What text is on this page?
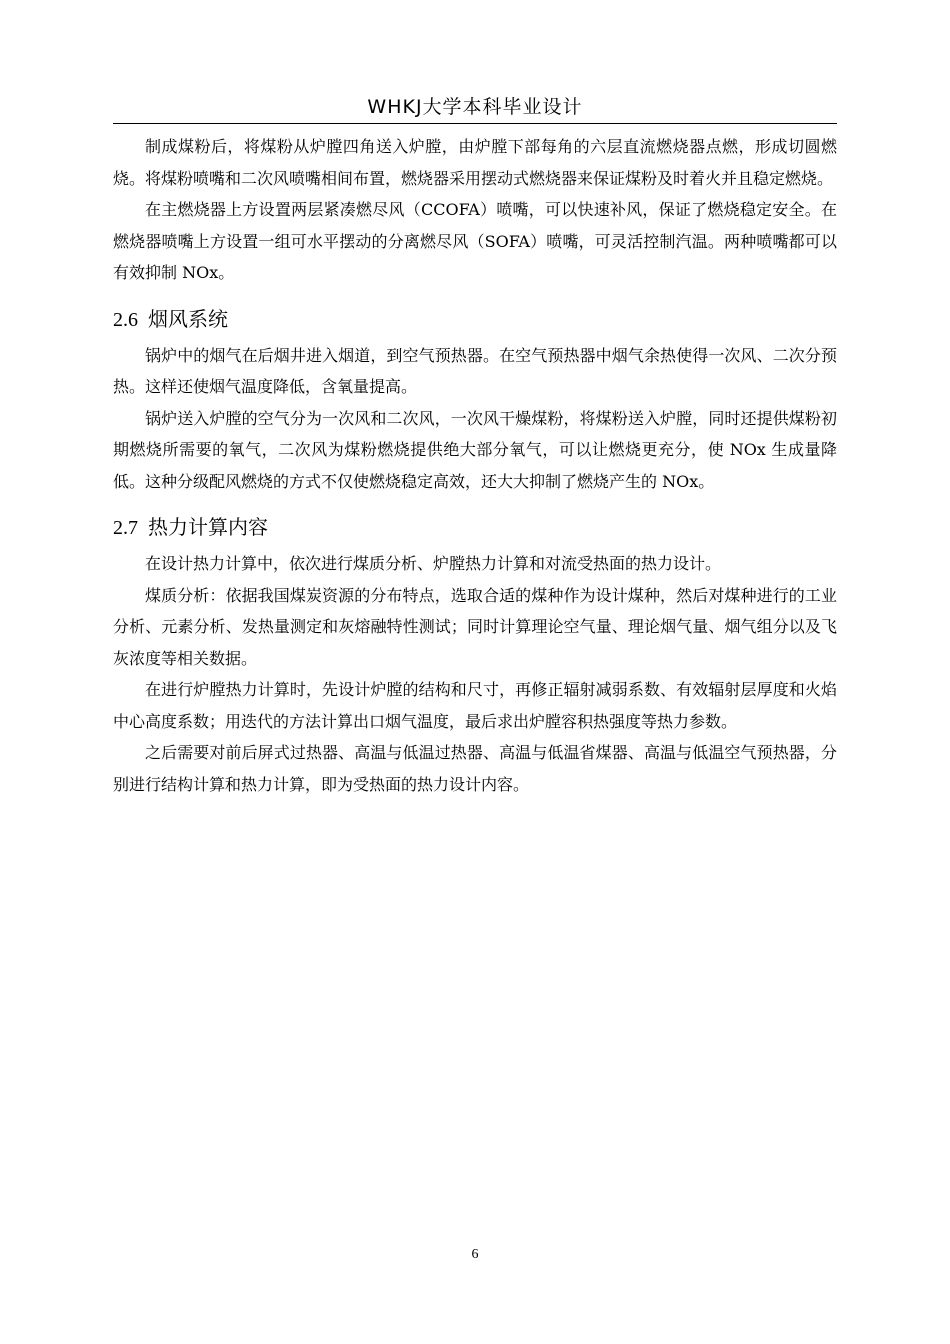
WHKJ大学本科毕业设计

制成煤粉后，将煤粉从炉膛四角送入炉膛，由炉膛下部每角的六层直流燃烧器点燃，形成切圆燃烧。将煤粉喷嘴和二次风喷嘴相间布置，燃烧器采用摆动式燃烧器来保证煤粉及时着火并且稳定燃烧。

在主燃烧器上方设置两层紧凑燃尽风（CCOFA）喷嘴，可以快速补风，保证了燃烧稳定安全。在燃烧器喷嘴上方设置一组可水平摆动的分离燃尽风（SOFA）喷嘴，可灵活控制汽温。两种喷嘴都可以有效抑制 NOx。

2.6 烟风系统

锅炉中的烟气在后烟井进入烟道，到空气预热器。在空气预热器中烟气余热使得一次风、二次分预热。这样还使烟气温度降低，含氧量提高。

锅炉送入炉膛的空气分为一次风和二次风，一次风干燥煤粉，将煤粉送入炉膛，同时还提供煤粉初期燃烧所需要的氧气，二次风为煤粉燃烧提供绝大部分氧气，可以让燃烧更充分，使 NOx 生成量降低。这种分级配风燃烧的方式不仅使燃烧稳定高效，还大大抑制了燃烧产生的 NOx。

2.7 热力计算内容

在设计热力计算中，依次进行煤质分析、炉膛热力计算和对流受热面的热力设计。

煤质分析：依据我国煤炭资源的分布特点，选取合适的煤种作为设计煤种，然后对煤种进行的工业分析、元素分析、发热量测定和灰熔融特性测试；同时计算理论空气量、理论烟气量、烟气组分以及飞灰浓度等相关数据。

在进行炉膛热力计算时，先设计炉膛的结构和尺寸，再修正辐射减弱系数、有效辐射层厚度和火焰中心高度系数；用迭代的方法计算出口烟气温度，最后求出炉膛容积热强度等热力参数。

之后需要对前后屏式过热器、高温与低温过热器、高温与低温省煤器、高温与低温空气预热器，分别进行结构计算和热力计算，即为受热面的热力设计内容。

6
